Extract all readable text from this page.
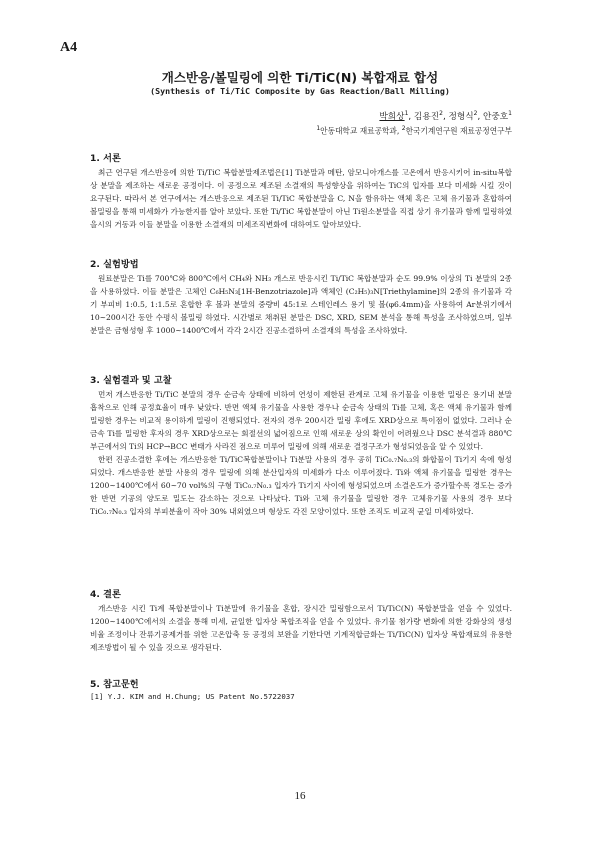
A4
개스반응/볼밀링에 의한 Ti/TiC(N) 복합재료 합성
(Synthesis of Ti/TiC Composite by Gas Reaction/Ball Milling)
박희상$^1$, 김용진$^2$, 정형식$^2$, 안중호$^1$
$^1$안동대학교 재료공학과, $^2$한국기계연구원 재료공정연구부
1. 서론

최근 연구된 개스반응에 의한 Ti/TiC 복합분말제조법은[1] Ti분말과 메탄, 암모니아개스를 고온에서 반응시키어 in-situ복합상 분말을 제조하는 새로운 공정이다. 이 공정으로 제조된 소결재의 특성향상을 위하여는 TiC의 입자를 보다 미세화 시킬 것이 요구된다. 따라서 본 연구에서는 개스반응으로 제조된 Ti/TiC 복합분말을 C, N을 함유하는 액체 혹은 고체 유기물과 혼합하여 볼밀링을 통해 미세화가 가능한지를 알아 보았다. 또한 Ti/TiC 복합분말이 아닌 Ti원소분말을 직접 상기 유기물과 함께 밀링하였을시의 거동과 이들 분말을 이용한 소결재의 미세조직변화에 대하여도 알아보았다.

2. 실험방법

원료분말은 Ti를 700℃와 800℃에서 CH₄와 NH₃ 개스로 반응시킨 Ti/TiC 복합분말과 순도 99.9% 이상의 Ti 분말의 2종을 사용하였다. 이들 분말은 고체인 C₆H₅N₃[1H-Benzotriazole]과 액체인 (C₂H₅)₃N[Triethylamine]의 2종의 유기물과 각기 부피비 1:0.5, 1:1.5로 혼합한 후 볼과 분말의 중량비 45:1로 스테인레스 용기 및 볼(φ6.4mm)을 사용하여 Ar분위기에서 10~200시간 동안 수평식 볼밀링 하였다. 시간별로 채취된 분말은 DSC, XRD, SEM 분석을 통해 특성을 조사하였으며, 일부 분말은 금형성형 후 1000~1400℃에서 각각 2시간 진공소결하여 소결재의 특성을 조사하였다.

3. 실험결과 및 고찰

먼저 개스반응한 Ti/TiC 분말의 경우 순금속 상태에 비하여 연성이 제한된 관계로 고체 유기물을 이용한 밀링은 용기내 분말흡착으로 인해 공정효율이 매우 낮았다. 반면 액체 유기물을 사용한 경우나 순금속 상태의 Ti를 고체, 혹은 액체 유기물과 함께 밀링한 경우는 비교적 용이하게 밀링이 진행되었다. 전자의 경우 200시간 밀링 후에도 XRD상으로 특이점이 없었다. 그러나 순금속 Ti를 밀링한 후자의 경우 XRD상으로는 회절선의 넓어짐으로 인해 새로운 상의 확인이 어려웠으나 DSC 분석결과 880℃ 부근에서의 Ti의 HCP→BCC 변태가 사라진 점으로 미루어 밀링에 의해 새로운 결정구조가 형성되었음을 알 수 있었다.

한편 진공소결한 후에는 개스반응한 Ti/TiC복합분말이나 Ti분말 사용의 경우 공히 TiC₀.₇N₀.₃의 화합물이 Ti기지 속에 형성되었다. 개스반응한 분말 사용의 경우 밀링에 의해 분산입자의 미세화가 다소 이루어졌다. Ti와 액체 유기물을 밀링한 경우는 1200~1400℃에서 60~70 vol%의 구형 TiC₀.₇N₀.₃ 입자가 Ti기지 사이에 형성되었으며 소결온도가 증가할수록 경도는 증가한 반면 기공의 양도로 밀도는 감소하는 것으로 나타났다. Ti와 고체 유기물을 밀링한 경우 고체유기물 사용의 경우 보다 TiC₀.₇N₀.₃ 입자의 부피분율이 작아 30% 내외였으며 형상도 각진 모양이었다. 또한 조직도 비교적 균일 미세하였다.

4. 결론

개스반응 시킨 Ti계 복합분말이나 Ti분말에 유기물을 혼합, 장시간 밀링함으로서 Ti/TiC(N) 복합분말을 얻을 수 있었다. 1200~1400℃에서의 소결을 통해 미세, 균일한 입자상 복합조직을 얻을 수 있었다. 유기물 첨가량 변화에 의한 강화상의 생성비율 조정이나 잔류기공제거를 위한 고온압축 등 공정의 보완을 기한다면 기계적합금화는 Ti/TiC(N) 입자상 복합재료의 유용한 제조방법이 될 수 있을 것으로 생각된다.

5. 참고문헌

[1] Y.J. KIM and H.Chung; US Patent No.5722037

16
